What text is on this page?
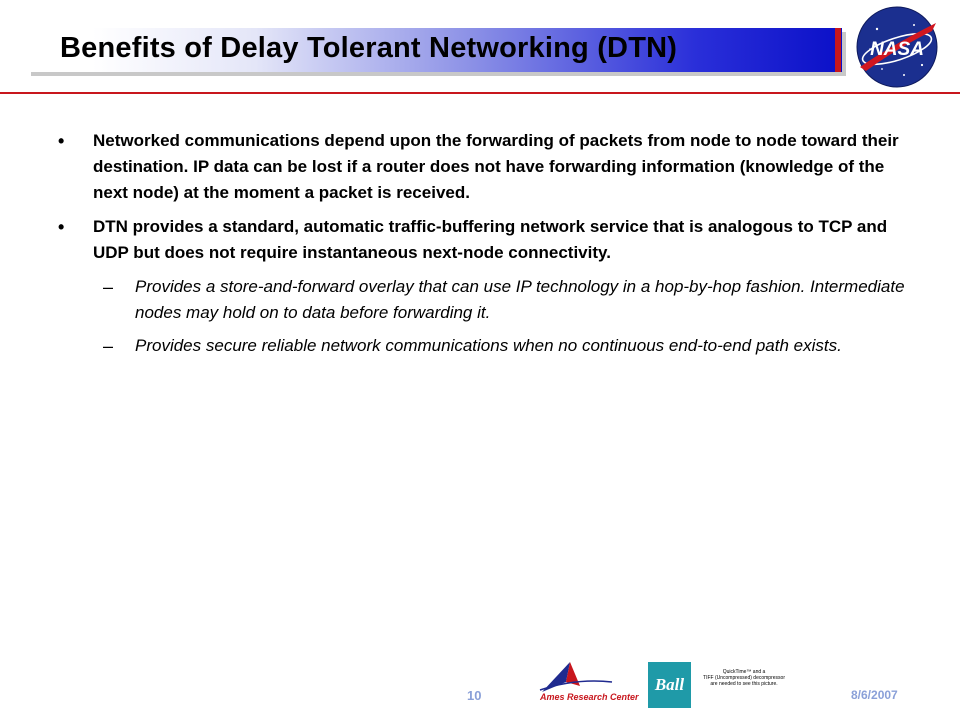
Benefits of Delay Tolerant Networking (DTN)	NASA
•	Networked communications depend upon the forwarding of packets from node to node toward their destination. IP data can be lost if a router does not have forwarding information (knowledge of the next node) at the moment a packet is received.
•	DTN provides a standard, automatic traffic-buffering network service that is analogous to TCP and UDP but does not require instantaneous next-node connectivity.
–	Provides a store-and-forward overlay that can use IP technology in a hop-by-hop fashion. Intermediate nodes may hold on to data before forwarding it.
–	Provides secure reliable network communications when no continuous end-to-end path exists.
10	Ames Research Center
Ball
QuickTime™ and a
TIFF (Uncompressed) decompressor
are needed to see this picture.
8/6/2007
